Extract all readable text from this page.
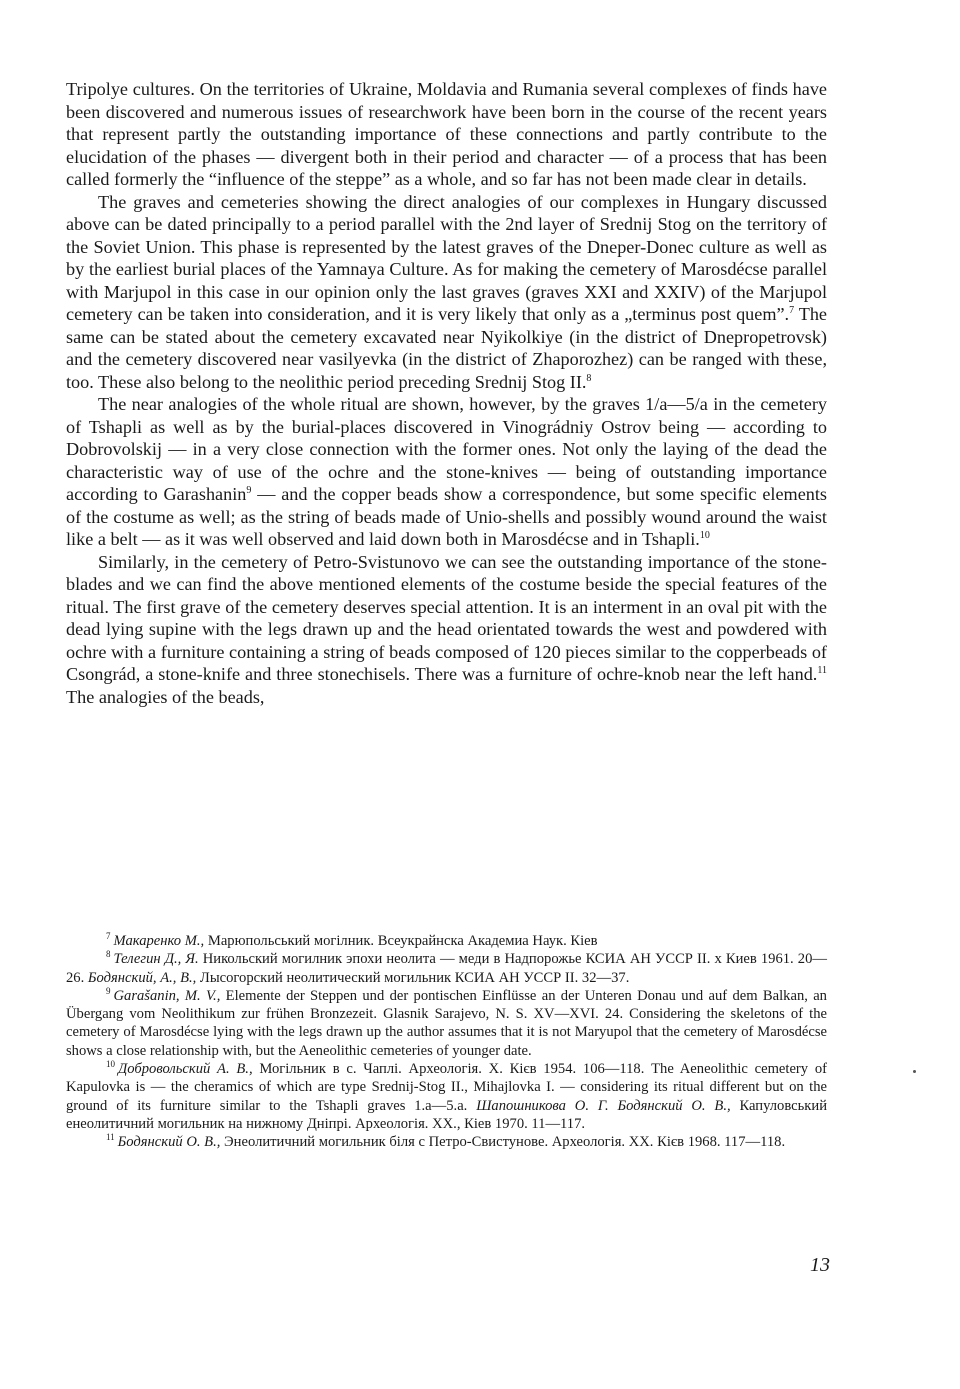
Tripolye cultures. On the territories of Ukraine, Moldavia and Rumania several complexes of finds have been discovered and numerous issues of researchwork have been born in the course of the recent years that represent partly the outstanding importance of these connections and partly contribute to the elucidation of the phases — divergent both in their period and character — of a process that has been called formerly the “influence of the steppe” as a whole, and so far has not been made clear in details.

The graves and cemeteries showing the direct analogies of our complexes in Hungary discussed above can be dated principally to a period parallel with the 2nd layer of Srednij Stog on the territory of the Soviet Union. This phase is represented by the latest graves of the Dneper-Donec culture as well as by the earliest burial places of the Yamnaya Culture. As for making the cemetery of Marosdécse parallel with Marjupol in this case in our opinion only the last graves (graves XXI and XXIV) of the Marjupol cemetery can be taken into consideration, and it is very likely that only as a „terminus post quem”.$^7$ The same can be stated about the cemetery excavated near Nyikolkiye (in the district of Dnepropetrovsk) and the cemetery discovered near vasilyevka (in the district of Zhaporozhez) can be ranged with these, too. These also belong to the neolithic period preceding Srednij Stog II.$^8$

The near analogies of the whole ritual are shown, however, by the graves 1/a—5/a in the cemetery of Tshapli as well as by the burial-places discovered in Vinográdniy Ostrov being — according to Dobrovolskij — in a very close connection with the former ones. Not only the laying of the dead the characteristic way of use of the ochre and the stone-knives — being of outstanding importance according to Garashanin$^9$ — and the copper beads show a correspondence, but some specific elements of the costume as well; as the string of beads made of Unio-shells and possibly wound around the waist like a belt — as it was well observed and laid down both in Marosdécse and in Tshapli.$^{10}$

Similarly, in the cemetery of Petro-Svistunovo we can see the outstanding importance of the stone-blades and we can find the above mentioned elements of the costume beside the special features of the ritual. The first grave of the cemetery deserves special attention. It is an interment in an oval pit with the dead lying supine with the legs drawn up and the head orientated towards the west and powdered with ochre with a furniture containing a string of beads composed of 120 pieces similar to the copperbeads of Csongrád, a stone-knife and three stonechisels. There was a furniture of ochre-knob near the left hand.$^{11}$ The analogies of the beads,

$^7$ Макаренко М., Марюпольський могiлник. Всеукрайнска Академиа Наук. Кiев

$^8$ Телегин Д., Я. Никольский могилник эпохи неолита — меди в Надпорожье КСИА АН УССР II. х Киев 1961. 20—26. Бодянский, А., В., Лысогорский неолитический могильник КСИА АН УССР II. 32—37.

$^9$ Garašanin, M. V., Elemente der Steppen und der pontischen Einflüsse an der Unteren Donau und auf dem Balkan, an Übergang vom Neolithikum zur frühen Bronzezeit. Glasnik Sarajevo, N. S. XV—XVI. 24. Considering the skeletons of the cemetery of Marosdécse lying with the legs drawn up the author assumes that it is not Maryupol that the cemetery of Marosdécse shows a close relationship with, but the Aeneolithic cemeteries of younger date.

$^{10}$ Добровольский А. В., Могiльник в с. Чаплi. Археологiя. Х. Кiєв 1954. 106—118. The Aeneolithic cemetery of Kapulovka is — the cheramics of which are type Srednij-Stog II., Mihajlovka I. — considering its ritual different but on the ground of its furniture similar to the Tshapli graves 1.a—5.a. Шапошникова О. Г. Бодянский О. В., Капуловський енеолитичний могильник на нижному Днiпрi. Археологiя. ХХ., Кiев 1970. 11—117.

$^{11}$ Бодянский О. В., Энеолитичний могильник бiля с Петро-Свистунове. Археологiя. ХХ. Кiєв 1968. 117—118.

13
